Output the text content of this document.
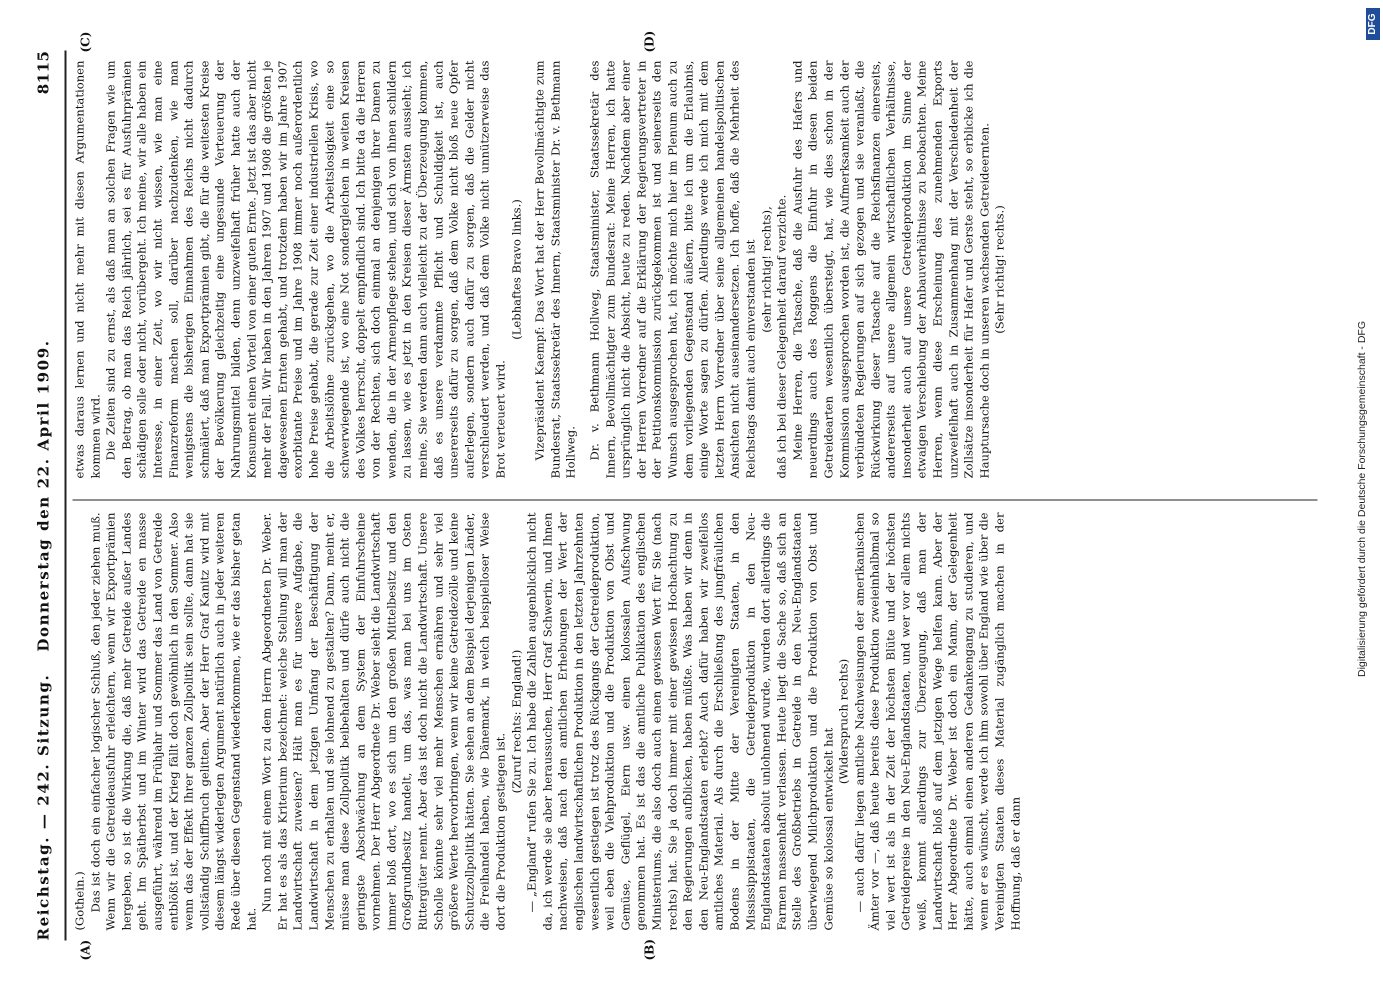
Reichstag. — 242. Sitzung.
Donnerstag den 22. April 1909.
8115
(A)	(B)
(C)	(D)

(Gothein.) Das ist doch ein einfacher logischer Schluß, den jeder ziehen muß. Wenn wir die Getreideausfuhr erleichtern, wenn wir Exportprämien hergeben, so ist die Wirkung die, daß mehr Getreide außer Landes geht. Im Spätherbst und im Winter wird das Getreide en masse ausgeführt, während im Frühjahr und Sommer das Land von Getreide entblößt ist, und der Krieg fällt doch gewöhnlich in den Sommer. Also wenn das der Effekt Ihrer ganzen Zollpolitik sein sollte, dann hat sie vollständig Schiffbruch gelitten. Aber der Herr Graf Kanitz wird mit diesem längst widerlegten Argument natürlich auch in jeder weiteren Rede über diesen Gegenstand wiederkommen, wie er das bisher getan hat.

Nun noch mit einem Wort zu dem Herrn Abgeordneten Dr. Weber. Er hat es als das Kriterium bezeichnet: welche Stellung will man der Landwirtschaft zuweisen? Hält man es für unsere Aufgabe, die Landwirtschaft in dem jetzigen Umfang der Beschäftigung der Menschen zu erhalten und sie lohnend zu gestalten? Dann, meint er, müsse man diese Zollpolitik beibehalten und dürfe auch nicht die geringste Abschwächung an dem System der Einfuhrscheine vornehmen. Der Herr Abgeordnete Dr. Weber sieht die Landwirtschaft immer bloß dort, wo es sich um den großen Mittelbesitz und den Großgrundbesitz handelt, um das, was man bei uns im Osten Rittergüter nennt. Aber das ist doch nicht die Landwirtschaft. Unsere Scholle könnte sehr viel mehr Menschen ernähren und sehr viel größere Werte hervorbringen, wenn wir keine Getreidezölle und keine Schutzzollpolitik hätten. Sie sehen an dem Beispiel derjenigen Länder, die Freihandel haben, wie Dänemark, in welch beispielloser Weise dort die Produktion gestiegen ist.

(Zuruf rechts: England!) — „England“ rufen Sie zu. Ich habe die Zahlen augenblicklich nicht da, ich werde sie aber heraussuchen, Herr Graf Schwerin, und Ihnen nachweisen, daß nach den amtlichen Erhebungen der Wert der englischen landwirtschaftlichen Produktion in den letzten Jahrzehnten wesentlich gestiegen ist trotz des Rückgangs der Getreideproduktion, weil eben die Viehproduktion und die Produktion von Obst und Gemüse, Geflügel, Eiern usw. einen kolossalen Aufschwung genommen hat. Es ist das die amtliche Publikation des englischen Ministeriums, die also doch auch einen gewissen Wert für Sie (nach rechts) hat. Sie ja doch immer mit einer gewissen Hochachtung zu den Regierungen aufblicken, haben müßte. Was haben wir denn in den Neu-Englandstaaten erlebt? Auch dafür haben wir zweifellos amtliches Material. Als durch die Erschließung des jungfräulichen Bodens in der Mitte der Vereinigten Staaten, in den Mississippistaaten, die Getreideproduktion in den Neu-Englandstaaten absolut unlohnend wurde, wurden dort allerdings die Farmen massenhaft verlassen. Heute liegt die Sache so, daß sich an Stelle des Großbetriebs in Getreide in den Neu-Englandstaaten überwiegend Milchproduktion und die Produktion von Obst und Gemüse so kolossal entwickelt hat

(Widerspruch rechts) — auch dafür liegen amtliche Nachweisungen der amerikanischen Ämter vor —, daß heute bereits diese Produktion zweieinhalbmal so viel wert ist als in der Zeit der höchsten Blüte und der höchsten Getreidepreise in den Neu-Englandstaaten, und wer vor allem nichts weiß, kommt allerdings zur Überzeugung, daß man der Landwirtschaft bloß auf dem jetzigen Wege helfen kann. Aber der Herr Abgeordnete Dr. Weber ist doch ein Mann, der Gelegenheit hätte, auch einmal einen anderen Gedankengang zu studieren, und wenn er es wünscht, werde ich ihm sowohl über England wie über die Vereinigten Staaten dieses Material zugänglich machen in der Hoffnung, daß er dann

etwas daraus lernen und nicht mehr mit diesen Argumentationen kommen wird. Die Zeiten sind zu ernst, als daß man an solchen Fragen wie um den Betrag, ob man das Reich jährlich, sei es für Ausfuhrprämien schädigen solle oder nicht, vorübergeht. Ich meine, wir alle haben ein Interesse, in einer Zeit, wo wir nicht wissen, wie man eine Finanzreform machen soll, darüber nachzudenken, wie man wenigstens die bisherigen Einnahmen des Reichs nicht dadurch schmälert, daß man Exportprämien gibt, die für die weitesten Kreise der Bevölkerung gleichzeitig eine ungesunde Verteuerung der Nahrungsmittel bilden, denn unzweifelhaft früher hatte auch der Konsument einen Vorteil von einer guten Ernte. Jetzt ist das aber nicht mehr der Fall. Wir haben in den Jahren 1907 und 1908 die größten je dagewesenen Ernten gehabt, und trotzdem haben wir im Jahre 1907 exorbitante Preise und im Jahre 1908 immer noch außerordentlich hohe Preise gehabt, die gerade zur Zeit einer industriellen Krisis, wo die Arbeitslöhne zurückgehen, wo die Arbeitslosigkeit eine so schwerwiegende ist, wo eine Not sondergleichen in weiten Kreisen des Volkes herrscht, doppelt empfindlich sind. Ich bitte da die Herren von der Rechten, sich doch einmal an denjenigen ihrer Damen zu wenden, die in der Armenpflege stehen, und sich von ihnen schildern zu lassen, wie es jetzt in den Kreisen dieser Ärmsten aussieht; ich meine, Sie werden dann auch vielleicht zu der Überzeugung kommen, daß es unsere verdammte Pflicht und Schuldigkeit ist, auch unsererseits dafür zu sorgen, daß dem Volke nicht bloß neue Opfer auferlegen, sondern auch dafür zu sorgen, daß die Gelder nicht verschleudert werden, und daß dem Volke nicht unnützerweise das Brot verteuert wird.

(Lebhaftes Bravo links.) Vizepräsident Kaempf: Das Wort hat der Herr Bevollmächtigte zum Bundesrat, Staatssekretär des Innern, Staatsminister Dr. v. Bethmann Hollweg. Dr. v. Bethmann Hollweg, Staatsminister, Staatssekretär des Innern, Bevollmächtigter zum Bundesrat: Meine Herren, ich hatte ursprünglich nicht die Absicht, heute zu reden. Nachdem aber einer der Herren Vorredner auf die Erklärung der Regierungsvertreter in der Petitionskommission zurückgekommen ist und seinerseits den Wunsch ausgesprochen hat, ich möchte mich hier im Plenum auch zu dem vorliegenden Gegenstand äußern, bitte ich um die Erlaubnis, einige Worte sagen zu dürfen. Allerdings werde ich mich mit dem letzten Herrn Vorredner über seine allgemeinen handelspolitischen Ansichten nicht auseinandersetzen. Ich hoffe, daß die Mehrheit des Reichstags damit auch einverstanden ist (sehr richtig! rechts), daß ich bei dieser Gelegenheit darauf verzichte. Meine Herren, die Tatsache, daß die Ausfuhr des Hafers und neuerdings auch des Roggens die Einfuhr in diesen beiden Getreidearten wesentlich übersteigt, hat, wie dies schon in der Kommission ausgesprochen worden ist, die Aufmerksamkeit auch der verbündeten Regierungen auf sich gezogen und sie veranlaßt, die Rückwirkung dieser Tatsache auf die Reichsfinanzen einerseits, andererseits auf unsere allgemein wirtschaftlichen Verhältnisse, insonderheit auch auf unsere Getreideproduktion im Sinne der etwaigen Verschiebung der Anbauverhältnisse zu beobachten. Meine Herren, wenn diese Erscheinung des zunehmenden Exports unzweifelhaft auch in Zusammenhang mit der Verschiedenheit der Zollsätze insonderheit für Hafer und Gerste steht, so erblicke ich die Hauptursache doch in unseren wachsenden Getreideernten. (Sehr richtig! rechts.)

Digitalisierung gefördert durch die Deutsche Forschungsgemeinschaft - DFG
DFG
